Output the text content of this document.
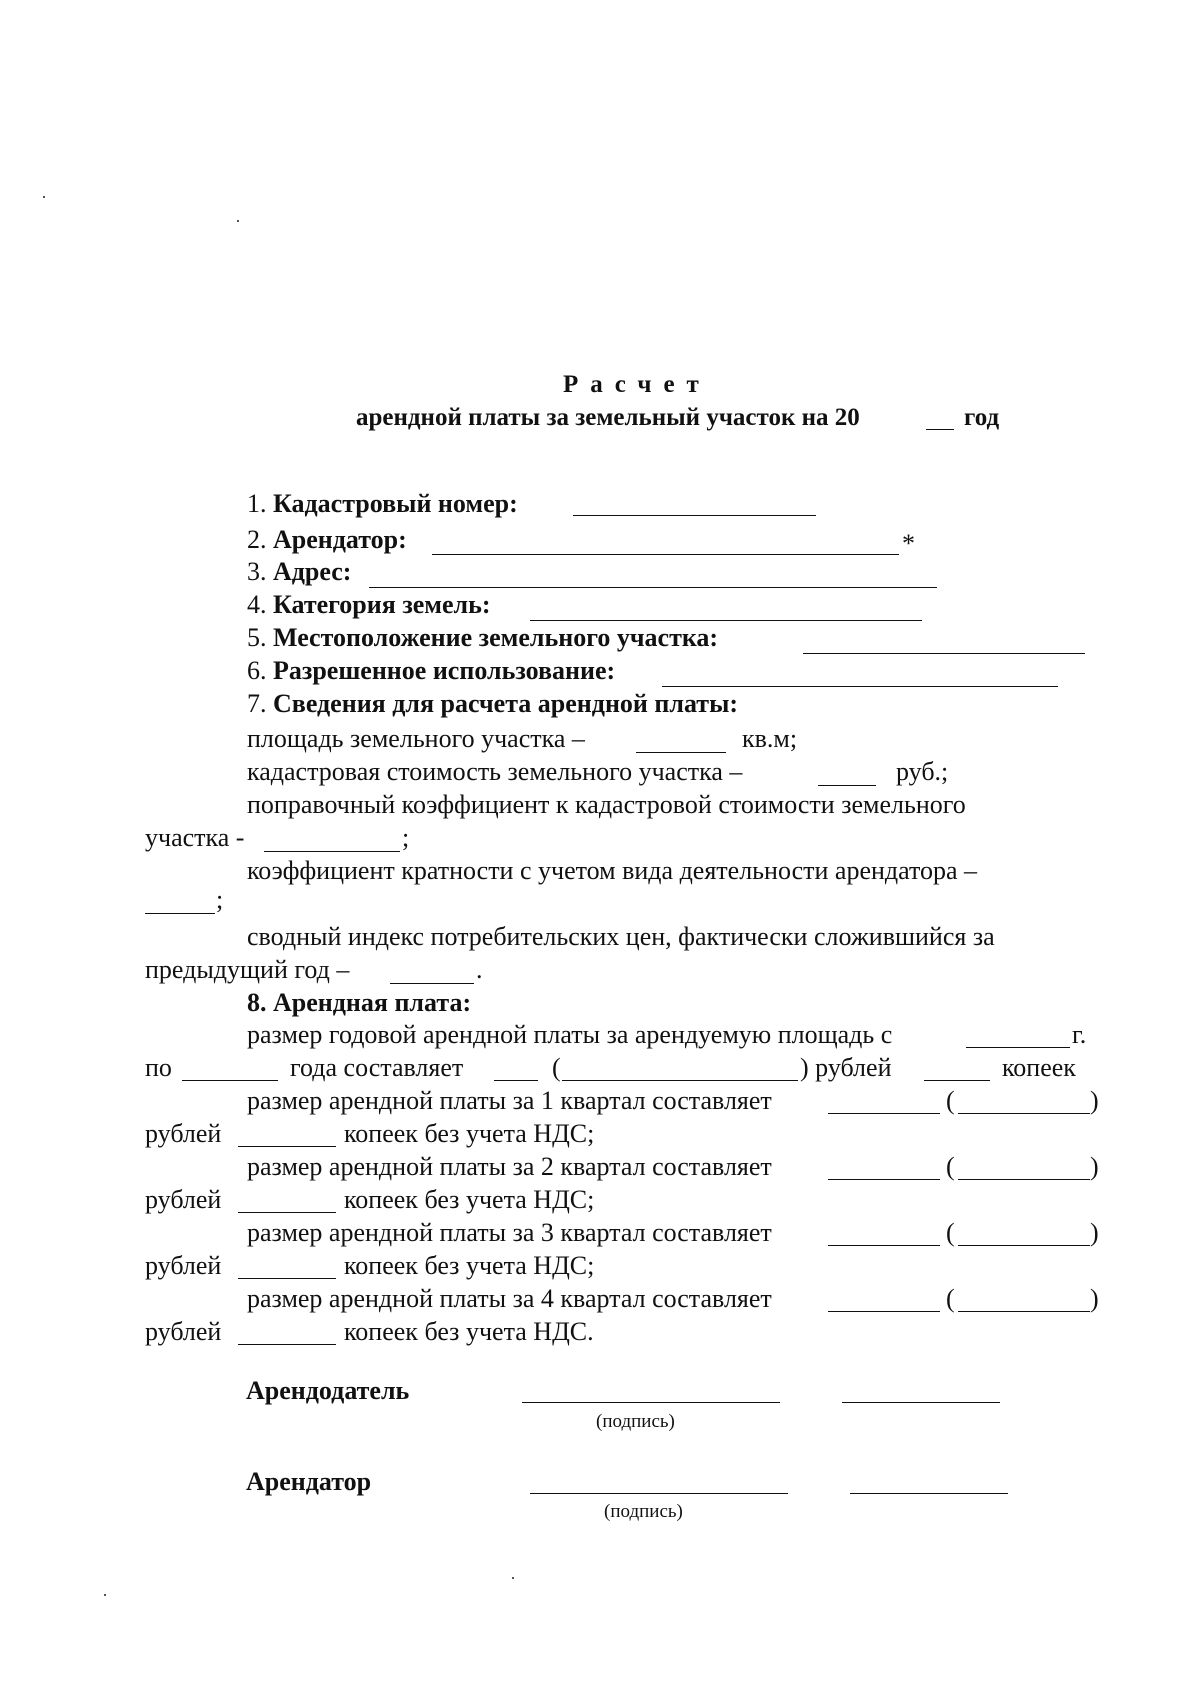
Расчет
арендной платы за земельный участок на 20	год
1. Кадастровый номер:
2. Арендатор:	*
3. Адрес:
4. Категория земель:
5. Местоположение земельного участка:
6. Разрешенное использование:
7. Сведения для расчета арендной платы:
площадь земельного участка –	кв.м;
кадастровая стоимость земельного участка –	руб.;
поправочный коэффициент к кадастровой стоимости земельного
участка -	;
коэффициент кратности с учетом вида деятельности арендатора –
;
сводный индекс потребительских цен, фактически сложившийся за
предыдущий год –	.
8. Арендная плата:
размер годовой арендной платы за арендуемую площадь с	г.
по	года составляет	(	) рублей	копеек
размер арендной платы за 1 квартал составляет	(	)
рублей	копеек без учета НДС;
размер арендной платы за 2 квартал составляет	(	)
рублей	копеек без учета НДС;
размер арендной платы за 3 квартал составляет	(	)
рублей	копеек без учета НДС;
размер арендной платы за 4 квартал составляет	(	)
рублей	копеек без учета НДС.
Арендодатель
(подпись)
Арендатор
(подпись)
